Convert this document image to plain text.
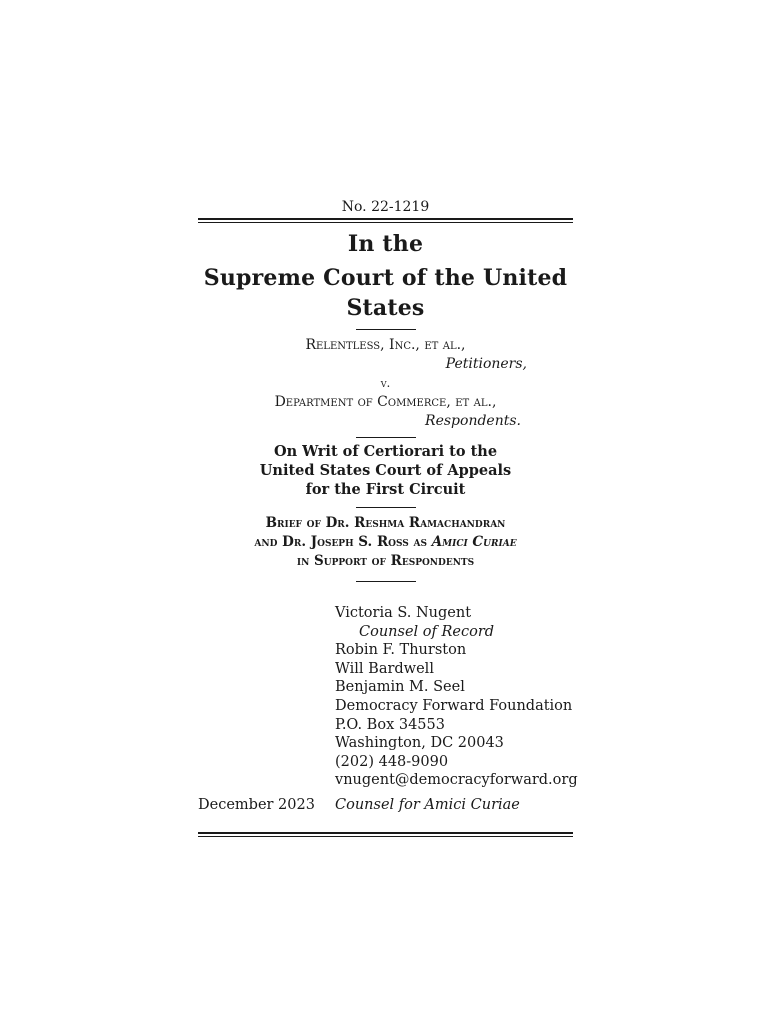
No. 22-1219
In the
Supreme Court of the United States
Relentless, Inc., et al.,
Petitioners,
v.
Department of Commerce, et al.,
Respondents.
On Writ of Certiorari to the
United States Court of Appeals
for the First Circuit
Brief of Dr. Reshma Ramachandran
and Dr. Joseph S. Ross as Amici Curiae
in Support of Respondents
Victoria S. Nugent
Counsel of Record
Robin F. Thurston
Will Bardwell
Benjamin M. Seel
Democracy Forward Foundation
P.O. Box 34553
Washington, DC 20043
(202) 448-9090
vnugent@democracyforward.org
December 2023 Counsel for Amici Curiae
